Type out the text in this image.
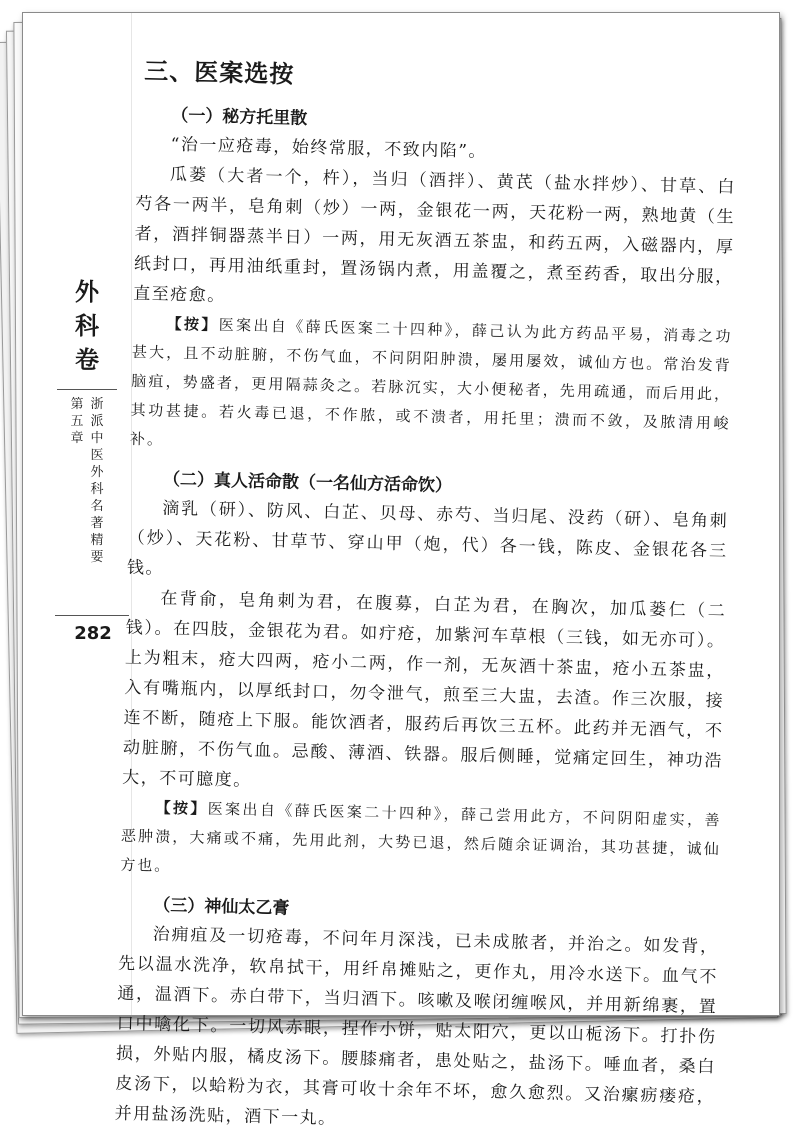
外科卷
第五章
浙派中医外科名著精要
282
三、医案选按
（一）秘方托里散

“治一应疮毒，始终常服，不致内陷”。

瓜蒌（大者一个，杵），当归（酒拌）、黄芪（盐水拌炒）、甘草、白芍各一两半，皂角刺（炒）一两，金银花一两，天花粉一两，熟地黄（生者，酒拌铜器蒸半日）一两，用无灰酒五茶盅，和药五两，入磁器内，厚纸封口，再用油纸重封，置汤锅内煮，用盖覆之，煮至药香，取出分服，直至疮愈。

【按】医案出自《薛氏医案二十四种》，薛己认为此方药品平易，消毒之功甚大，且不动脏腑，不伤气血，不问阴阳肿溃，屡用屡效，诚仙方也。常治发背脑疽，势盛者，更用隔蒜灸之。若脉沉实，大小便秘者，先用疏通，而后用此，其功甚捷。若火毒已退，不作脓，或不溃者，用托里；溃而不敛，及脓清用峻补。

（二）真人活命散（一名仙方活命饮）

滴乳（研）、防风、白芷、贝母、赤芍、当归尾、没药（研）、皂角刺（炒）、天花粉、甘草节、穿山甲（炮，代）各一钱，陈皮、金银花各三钱。

在背俞，皂角刺为君，在腹募，白芷为君，在胸次，加瓜蒌仁（二钱）。在四肢，金银花为君。如疔疮，加紫河车草根（三钱，如无亦可）。上为粗末，疮大四两，疮小二两，作一剂，无灰酒十茶盅，疮小五茶盅，入有嘴瓶内，以厚纸封口，勿令泄气，煎至三大盅，去渣。作三次服，接连不断，随疮上下服。能饮酒者，服药后再饮三五杯。此药并无酒气，不动脏腑，不伤气血。忌酸、薄酒、铁器。服后侧睡，觉痛定回生，神功浩大，不可臆度。

【按】医案出自《薛氏医案二十四种》，薛己尝用此方，不问阴阳虚实，善恶肿溃，大痛或不痛，先用此剂，大势已退，然后随余证调治，其功甚捷，诚仙方也。

（三）神仙太乙膏

治痈疽及一切疮毒，不问年月深浅，已未成脓者，并治之。如发背，先以温水洗净，软帛拭干，用纤帛摊贴之，更作丸，用冷水送下。血气不通，温酒下。赤白带下，当归酒下。咳嗽及喉闭缠喉风，并用新绵裹，置口中噙化下。一切风赤眼，捏作小饼，贴太阳穴，更以山栀汤下。打扑伤损，外贴内服，橘皮汤下。腰膝痛者，患处贴之，盐汤下。唾血者，桑白皮汤下，以蛤粉为衣，其膏可收十余年不坏，愈久愈烈。又治瘰疬瘘疮，并用盐汤洗贴，酒下一丸。
